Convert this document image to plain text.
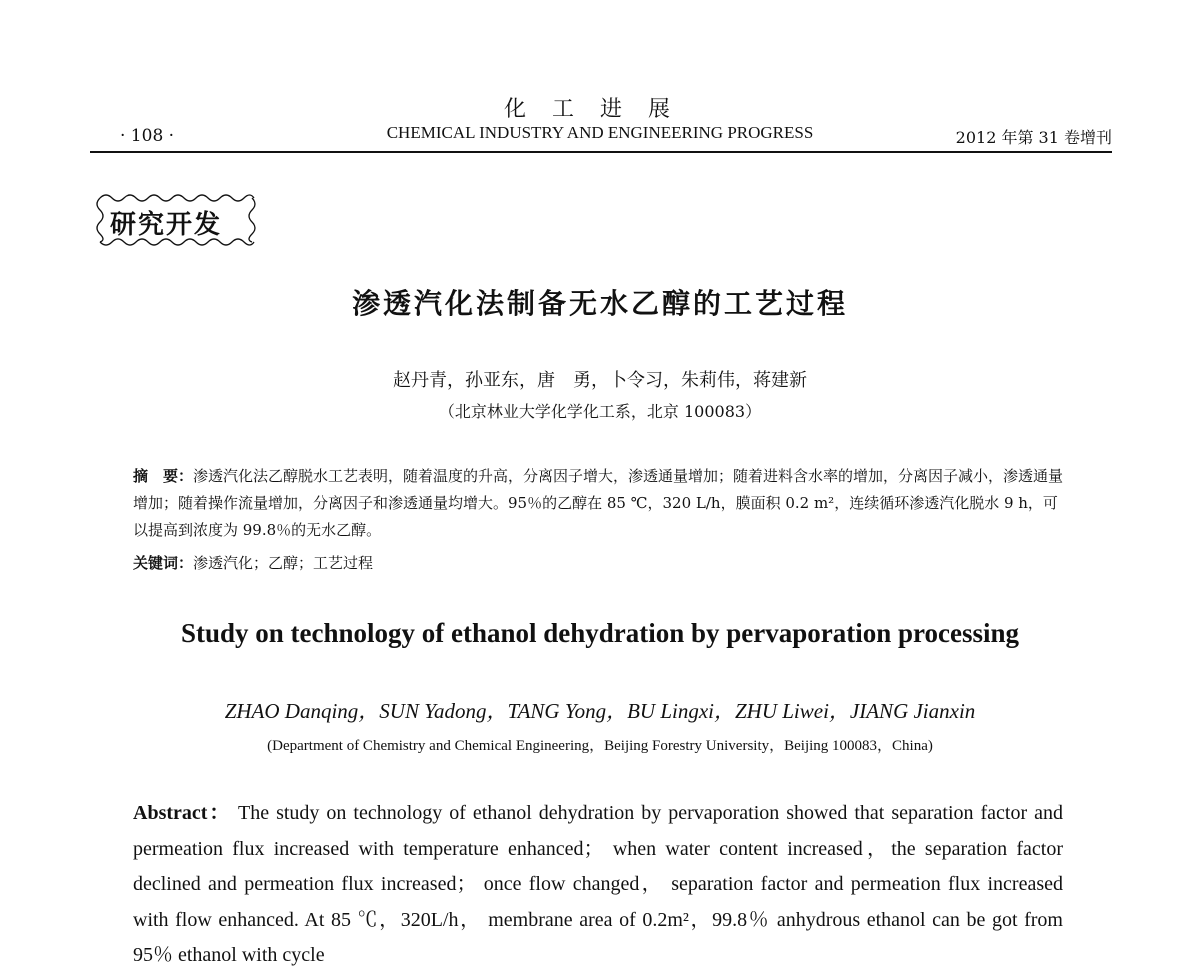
化工进展
· 108 ·	CHEMICAL INDUSTRY AND ENGINEERING PROGRESS	2012 年第 31 卷增刊
研究开发
渗透汽化法制备无水乙醇的工艺过程
赵丹青，孙亚东，唐　勇，卜令习，朱莉伟，蒋建新
（北京林业大学化学化工系，北京 100083）
摘　要：渗透汽化法乙醇脱水工艺表明，随着温度的升高，分离因子增大，渗透通量增加；随着进料含水率的增加，分离因子减小，渗透通量增加；随着操作流量增加，分离因子和渗透通量均增大。95％的乙醇在 85 ℃，320 L/h，膜面积 0.2 m²，连续循环渗透汽化脱水 9 h，可以提高到浓度为 99.8％的无水乙醇。
关键词：渗透汽化；乙醇；工艺过程
Study on technology of ethanol dehydration by pervaporation processing
ZHAO Danqing，SUN Yadong，TANG Yong，BU Lingxi，ZHU Liwei，JIANG Jianxin
(Department of Chemistry and Chemical Engineering，Beijing Forestry University，Beijing 100083，China)
Abstract： The study on technology of ethanol dehydration by pervaporation showed that separation factor and permeation flux increased with temperature enhanced； when water content increased，the separation factor declined and permeation flux increased； once flow changed， separation factor and permeation flux increased with flow enhanced. At 85 ℃，320L/h， membrane area of 0.2m²，99.8％ anhydrous ethanol can be got from 95％ ethanol with cycle
